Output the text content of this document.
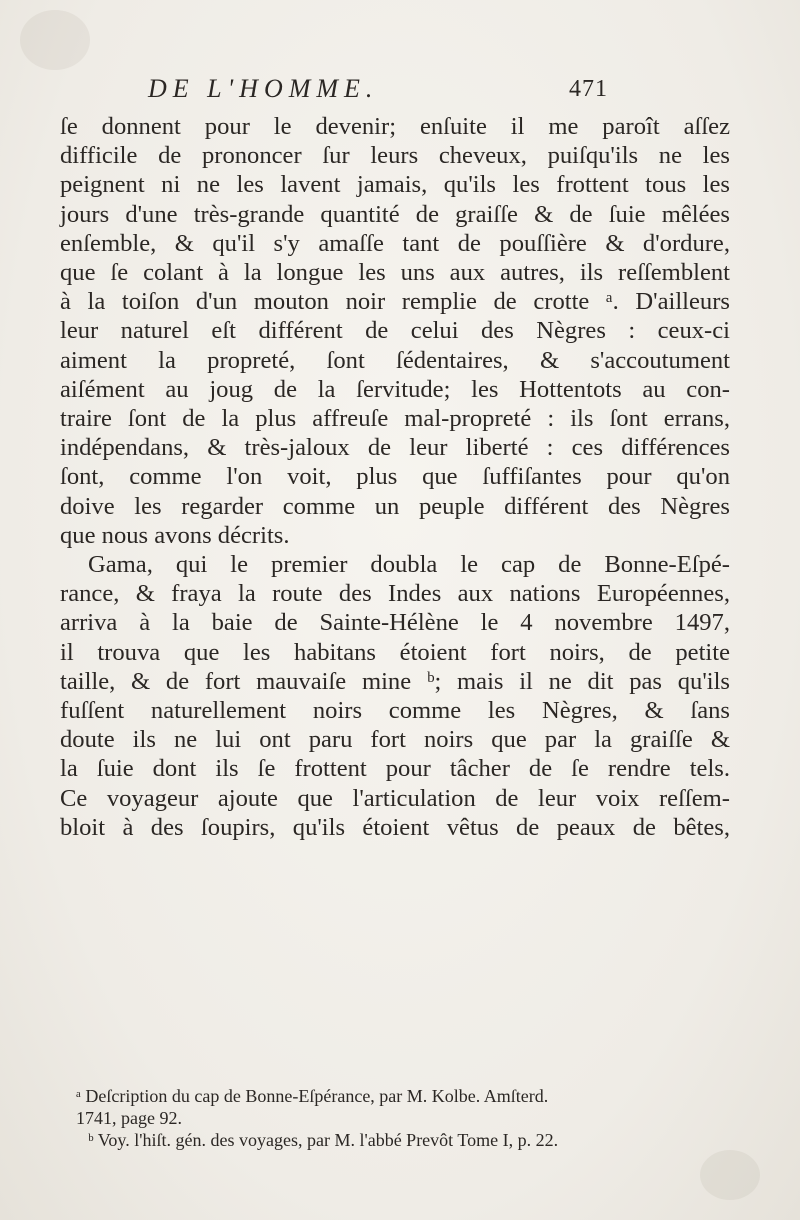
DE L'HOMME.	471
ſe donnent pour le devenir; enſuite il me paroît aſſez
difficile de prononcer ſur leurs cheveux, puiſqu'ils ne les
peignent ni ne les lavent jamais, qu'ils les frottent tous les
jours d'une très-grande quantité de graiſſe & de ſuie mêlées
enſemble, & qu'il s'y amaſſe tant de pouſſière & d'ordure,
que ſe colant à la longue les uns aux autres, ils reſſemblent
à la toiſon d'un mouton noir remplie de crotte ᵃ. D'ailleurs
leur naturel eſt différent de celui des Nègres : ceux-ci
aiment la propreté, ſont ſédentaires, & s'accoutument
aiſément au joug de la ſervitude; les Hottentots au con-
traire ſont de la plus affreuſe mal-propreté : ils ſont errans,
indépendans, & très-jaloux de leur liberté : ces différences
ſont, comme l'on voit, plus que ſuffiſantes pour qu'on
doive les regarder comme un peuple différent des Nègres
que nous avons décrits.
Gama, qui le premier doubla le cap de Bonne-Eſpé-
rance, & fraya la route des Indes aux nations Européennes,
arriva à la baie de Sainte-Hélène le 4 novembre 1497,
il trouva que les habitans étoient fort noirs, de petite
taille, & de fort mauvaiſe mine ᵇ; mais il ne dit pas qu'ils
fuſſent naturellement noirs comme les Nègres, & ſans
doute ils ne lui ont paru fort noirs que par la graiſſe &
la ſuie dont ils ſe frottent pour tâcher de ſe rendre tels.
Ce voyageur ajoute que l'articulation de leur voix reſſem-
bloit à des ſoupirs, qu'ils étoient vêtus de peaux de bêtes,
ᵃ Deſcription du cap de Bonne-Eſpérance, par M. Kolbe. Amſterd.
1741, page 92.
ᵇ Voy. l'hiſt. gén. des voyages, par M. l'abbé Prevôt Tome I, p. 22.
